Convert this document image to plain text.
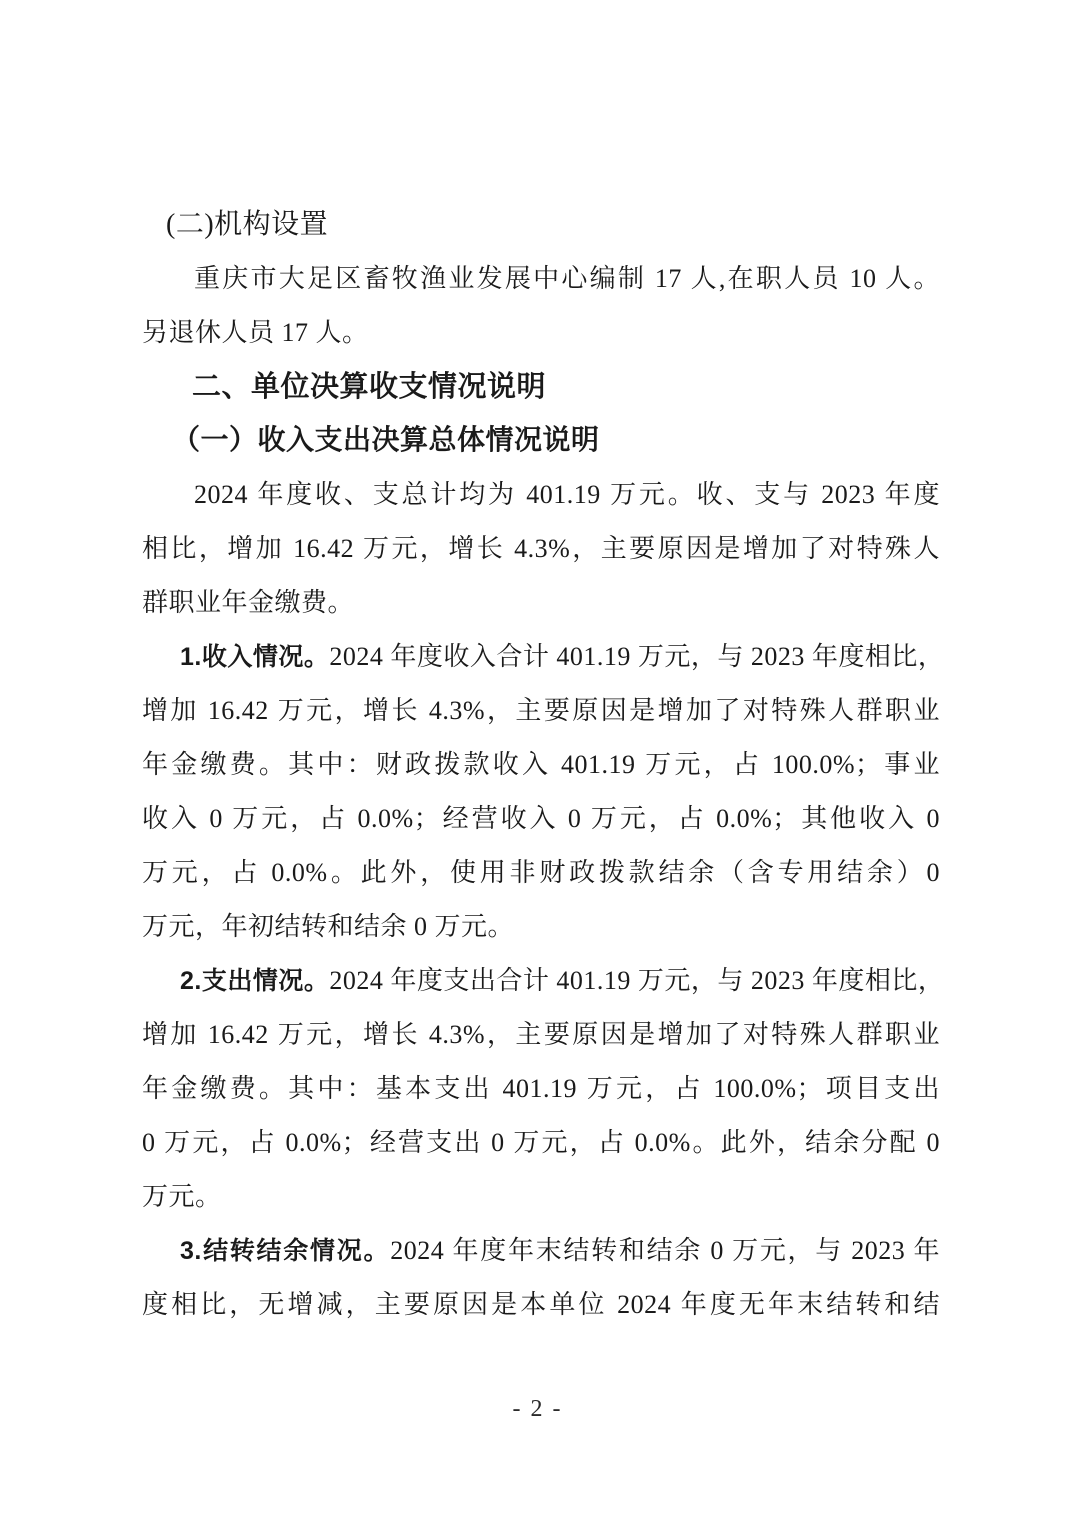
(二)机构设置
重庆市大足区畜牧渔业发展中心编制 17 人,在职人员 10 人。
另退休人员 17 人。
二、单位决算收支情况说明
（一）收入支出决算总体情况说明
2024 年度收、支总计均为 401.19 万元。收、支与 2023 年度
相比，增加 16.42 万元，增长 4.3%，主要原因是增加了对特殊人
群职业年金缴费。
1.收入情况。2024 年度收入合计 401.19 万元，与 2023 年度相比，
增加 16.42 万元，增长 4.3%，主要原因是增加了对特殊人群职业
年金缴费。其中：财政拨款收入 401.19 万元，占 100.0%；事业
收入 0 万元，占 0.0%；经营收入 0 万元，占 0.0%；其他收入 0
万元，占 0.0%。此外，使用非财政拨款结余（含专用结余）0
万元，年初结转和结余 0 万元。
2.支出情况。2024 年度支出合计 401.19 万元，与 2023 年度相比，
增加 16.42 万元，增长 4.3%，主要原因是增加了对特殊人群职业
年金缴费。其中：基本支出 401.19 万元，占 100.0%；项目支出
0 万元，占 0.0%；经营支出 0 万元，占 0.0%。此外，结余分配 0
万元。
3.结转结余情况。2024 年度年末结转和结余 0 万元，与 2023 年
度相比，无增减，主要原因是本单位 2024 年度无年末结转和结
- 2 -
